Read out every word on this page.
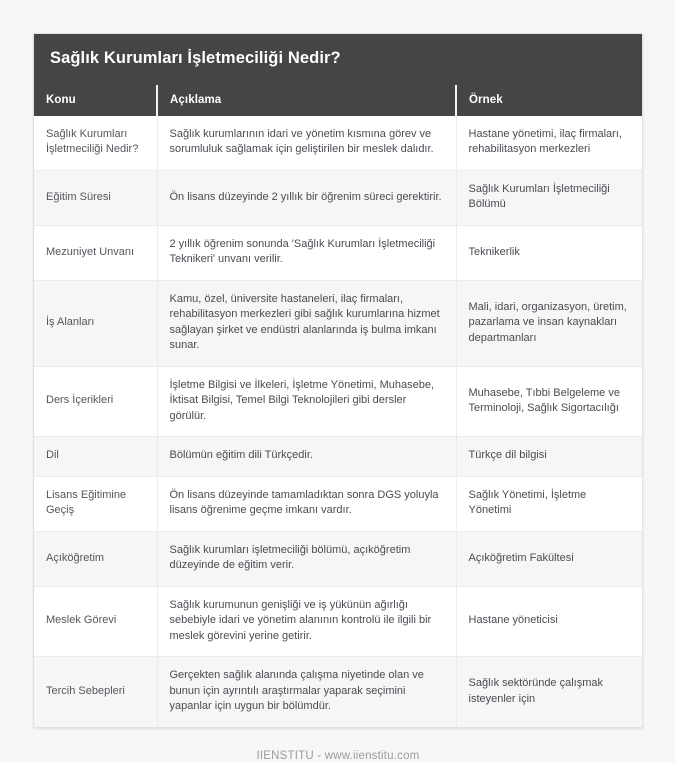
Sağlık Kurumları İşletmeciliği Nedir?
Konu	Açıklama	Örnek
Sağlık Kurumları İşletmeciliği Nedir?	Sağlık kurumlarının idari ve yönetim kısmına görev ve sorumluluk sağlamak için geliştirilen bir meslek dalıdır.	Hastane yönetimi, ilaç firmaları, rehabilitasyon merkezleri
Eğitim Süresi	Ön lisans düzeyinde 2 yıllık bir öğrenim süreci gerektirir.	Sağlık Kurumları İşletmeciliği Bölümü
Mezuniyet Unvanı	2 yıllık öğrenim sonunda 'Sağlık Kurumları İşletmeciliği Teknikeri' unvanı verilir.	Teknikerlik
İş Alanları	Kamu, özel, üniversite hastaneleri, ilaç firmaları, rehabilitasyon merkezleri gibi sağlık kurumlarına hizmet sağlayan şirket ve endüstri alanlarında iş bulma imkanı sunar.	Mali, idari, organizasyon, üretim, pazarlama ve insan kaynakları departmanları
Ders İçerikleri	İşletme Bilgisi ve İlkeleri, İşletme Yönetimi, Muhasebe, İktisat Bilgisi, Temel Bilgi Teknolojileri gibi dersler görülür.	Muhasebe, Tıbbi Belgeleme ve Terminoloji, Sağlık Sigortacılığı
Dil	Bölümün eğitim dili Türkçedir.	Türkçe dil bilgisi
Lisans Eğitimine Geçiş	Ön lisans düzeyinde tamamladıktan sonra DGS yoluyla lisans öğrenime geçme imkanı vardır.	Sağlık Yönetimi, İşletme Yönetimi
Açıköğretim	Sağlık kurumları işletmeciliği bölümü, açıköğretim düzeyinde de eğitim verir.	Açıköğretim Fakültesi
Meslek Görevi	Sağlık kurumunun genişliği ve iş yükünün ağırlığı sebebiyle idari ve yönetim alanının kontrolü ile ilgili bir meslek görevini yerine getirir.	Hastane yöneticisi
Tercih Sebepleri	Gerçekten sağlık alanında çalışma niyetinde olan ve bunun için ayrıntılı araştırmalar yaparak seçimini yapanlar için uygun bir bölümdür.	Sağlık sektöründe çalışmak isteyenler için
IIENSTITU - www.iienstitu.com
